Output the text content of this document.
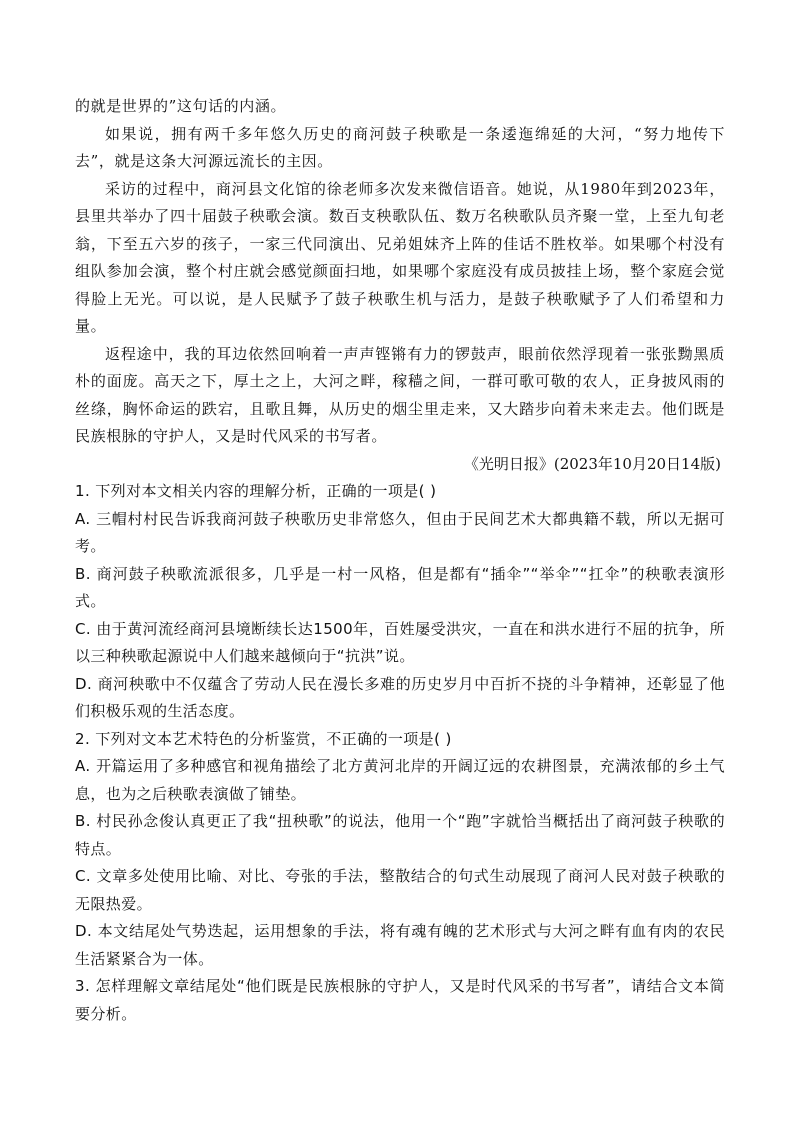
的就是世界的”这句话的内涵。

如果说，拥有两千多年悠久历史的商河鼓子秧歌是一条逶迤绵延的大河，“努力地传下去”，就是这条大河源远流长的主因。

采访的过程中，商河县文化馆的徐老师多次发来微信语音。她说，从1980年到2023年，县里共举办了四十届鼓子秧歌会演。数百支秧歌队伍、数万名秧歌队员齐聚一堂，上至九旬老翁，下至五六岁的孩子，一家三代同演出、兄弟姐妹齐上阵的佳话不胜枚举。如果哪个村没有组队参加会演，整个村庄就会感觉颜面扫地，如果哪个家庭没有成员披挂上场，整个家庭会觉得脸上无光。可以说，是人民赋予了鼓子秧歌生机与活力，是鼓子秧歌赋予了人们希望和力量。

返程途中，我的耳边依然回响着一声声铿锵有力的锣鼓声，眼前依然浮现着一张张黝黑质朴的面庞。高天之下，厚土之上，大河之畔，稼穑之间，一群可歌可敬的农人，正身披风雨的丝绦，胸怀命运的跌宕，且歌且舞，从历史的烟尘里走来，又大踏步向着未来走去。他们既是民族根脉的守护人，又是时代风采的书写者。

《光明日报》(2023年10月20日14版)

1. 下列对本文相关内容的理解分析，正确的一项是( )

A. 三帽村村民告诉我商河鼓子秧歌历史非常悠久，但由于民间艺术大都典籍不载，所以无据可考。

B. 商河鼓子秧歌流派很多，几乎是一村一风格，但是都有“插伞”“举伞”“扛伞”的秧歌表演形式。

C. 由于黄河流经商河县境断续长达1500年，百姓屡受洪灾，一直在和洪水进行不屈的抗争，所以三种秧歌起源说中人们越来越倾向于“抗洪”说。

D. 商河秧歌中不仅蕴含了劳动人民在漫长多难的历史岁月中百折不挠的斗争精神，还彰显了他们积极乐观的生活态度。

2. 下列对文本艺术特色的分析鉴赏，不正确的一项是( )

A. 开篇运用了多种感官和视角描绘了北方黄河北岸的开阔辽远的农耕图景，充满浓郁的乡土气息，也为之后秧歌表演做了铺垫。

B. 村民孙念俊认真更正了我“扭秧歌”的说法，他用一个“跑”字就恰当概括出了商河鼓子秧歌的特点。

C. 文章多处使用比喻、对比、夸张的手法，整散结合的句式生动展现了商河人民对鼓子秧歌的无限热爱。

D. 本文结尾处气势迭起，运用想象的手法，将有魂有魄的艺术形式与大河之畔有血有肉的农民生活紧紧合为一体。

3. 怎样理解文章结尾处“他们既是民族根脉的守护人，又是时代风采的书写者”，请结合文本简要分析。
